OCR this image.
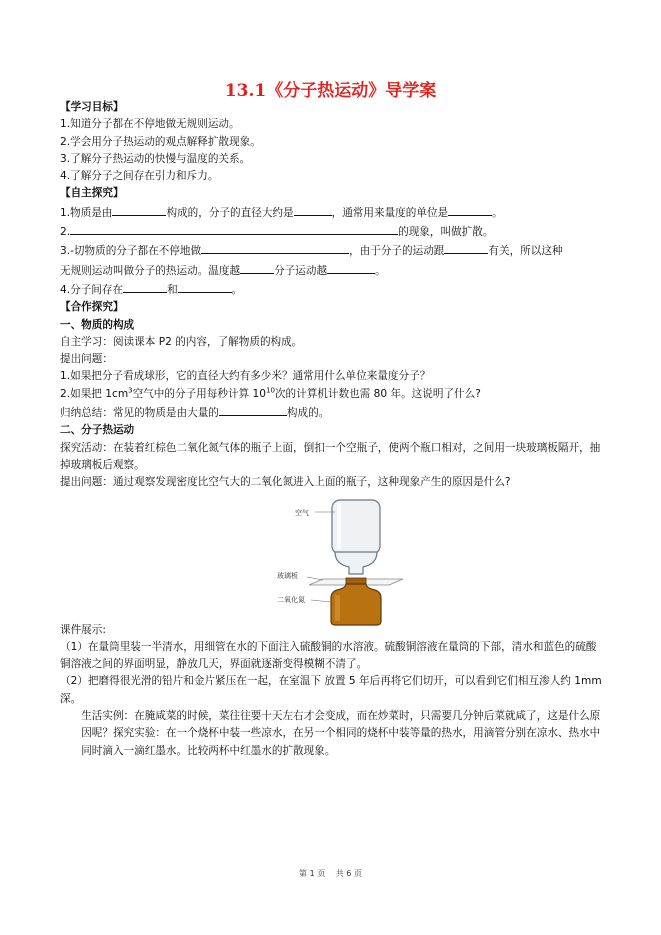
13.1《分子热运动》导学案

【学习目标】

1.知道分子都在不停地做无规则运动。

2.学会用分子热运动的观点解释扩散现象。

3.了解分子热运动的快慢与温度的关系。

4.了解分子之间存在引力和斥力。

【自主探究】

1.物质是由	构成的，分子的直径大约是	，通常用来量度的单位是	。

2.	的现象，叫做扩散。

3.-切物质的分子都在不停地做	，由于分子的运动跟	有关，所以这种

无规则运动叫做分子的热运动。温度越	分子运动越	。

4.分子间存在	和	。

【合作探究】

一、物质的构成

自主学习：阅读课本 P2 的内容，了解物质的构成。

提出问题：

1.如果把分子看成球形，它的直径大约有多少米？通常用什么单位来量度分子？

2.如果把 $1cm^3$空气中的分子用每秒计算 $10^{10}$次的计算机计数也需 80 年。这说明了什么?

归纳总结：常见的物质是由大量的	构成的。

二、分子热运动

探究活动：在装着红棕色二氧化氮气体的瓶子上面，倒扣一个空瓶子，使两个瓶口相对，之间用一块玻璃板隔开，抽掉玻璃板后观察。

提出问题：通过观察发现密度比空气大的二氧化氮进入上面的瓶子，这种现象产生的原因是什么?

空气
玻璃板
二氧化氮

课件展示:

（1）在量筒里装一半清水，用细管在水的下面注入硫酸铜的水溶液。硫酸铜溶液在量筒的下部，清水和蓝色的硫酸铜溶液之间的界面明显，静放几天，界面就逐渐变得模糊不清了。

（2）把磨得很光滑的铅片和金片紧压在一起，在室温下 放置 5 年后再将它们切开，可以看到它们相互渗人约 1mm 深。

生活实例：在腌咸菜的时候，菜往往要十天左右才会变成，而在炒菜时，只需要几分钟后菜就咸了，这是什么原因呢？探究实验：在一个烧杯中装一些凉水，在另一个相同的烧杯中装等量的热水，用滴管分别在凉水、热水中同时滴入一滴红墨水。比较两杯中红墨水的扩散现象。

第 1 页　 共 6 页
